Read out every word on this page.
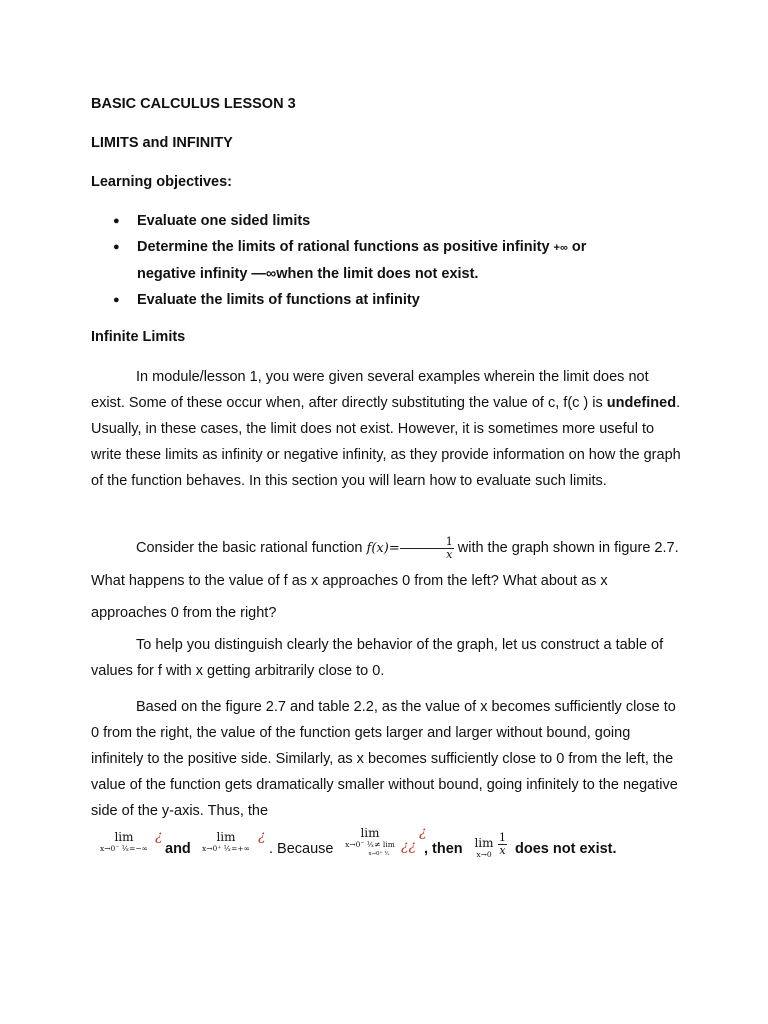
BASIC CALCULUS LESSON 3
LIMITS and INFINITY
Learning objectives:
● Evaluate one sided limits
● Determine the limits of rational functions as positive infinity +∞ or
negative infinity —∞when the limit does not exist.
● Evaluate the limits of functions at infinity
Infinite Limits
In module/lesson 1, you were given several examples wherein the limit does not exist. Some of these occur when, after directly substituting the value of c, f(c ) is undefined. Usually, in these cases, the limit does not exist. However, it is sometimes more useful to write these limits as infinity or negative infinity, as they provide information on how the graph of the function behaves. In this section you will learn how to evaluate such limits.
Consider the basic rational function $f(x)= \frac{1}{x}$ with the graph shown in figure 2.7. What happens to the value of f as x approaches 0 from the left? What about as x approaches 0 from the right?
To help you distinguish clearly the behavior of the graph, let us construct a table of values for f with x getting arbitrarily close to 0.
Based on the figure 2.7 and table 2.2, as the value of x becomes sufficiently close to 0 from the right, the value of the function gets larger and larger without bound, going infinitely to the positive side. Similarly, as x becomes sufficiently close to 0 from the left, the value of the function gets dramatically smaller without bound, going infinitely to the negative side of the y-axis. Thus, the
lim
x→0⁻ ¹⁄ₓ=−∞
¿
and
lim
x→0⁺ ¹⁄ₓ=+∞
¿
. Because
lim
x→0⁻ ¹⁄ₓ≠ lim
x→0⁺ ¹⁄ₓ ¿¿
¿
, then lim
$x\to 0 \frac{1}{x}$ does not exist.
